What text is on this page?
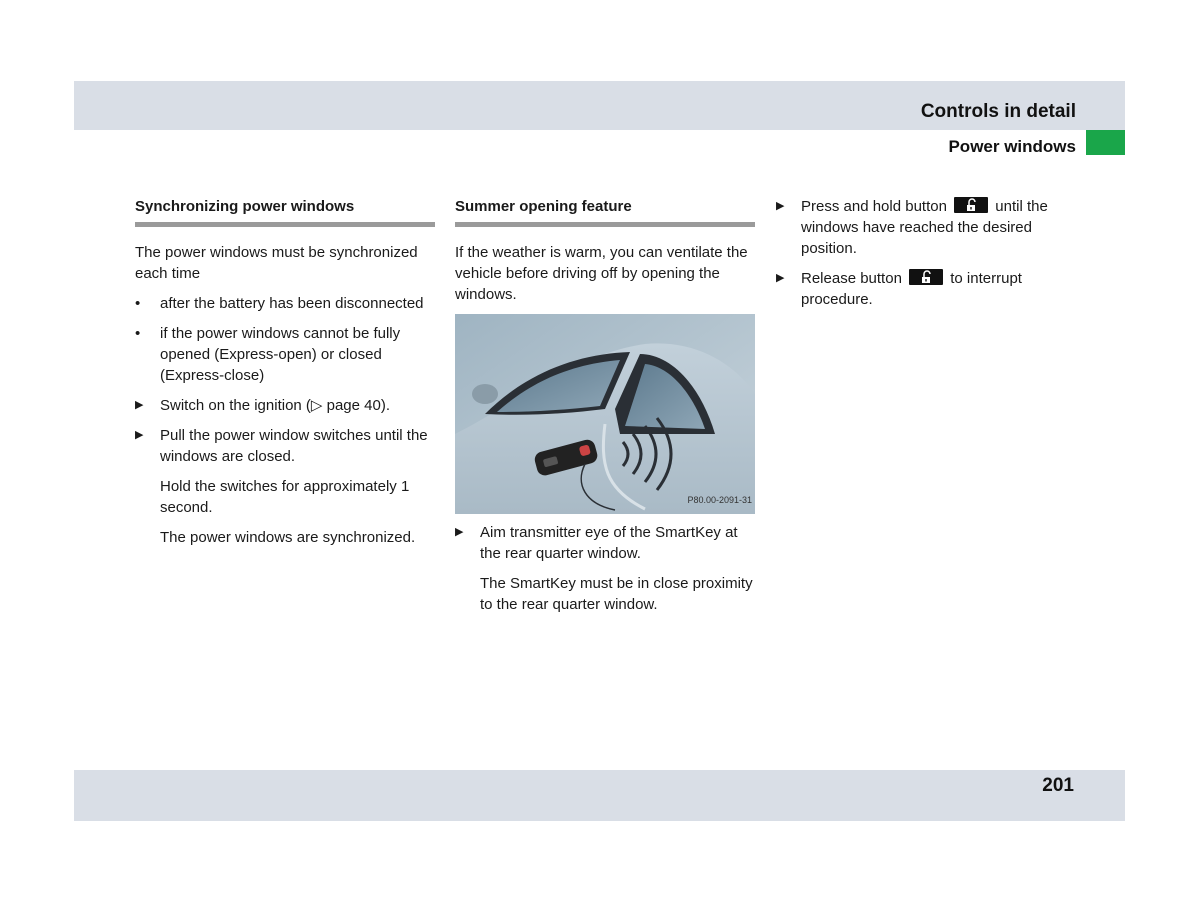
Controls in detail
Power windows
Synchronizing power windows

The power windows must be synchronized each time

• after the battery has been disconnected
• if the power windows cannot be fully opened (Express-open) or closed (Express-close)
▶ Switch on the ignition (▷ page 40).
▶ Pull the power window switches until the windows are closed.

Hold the switches for approximately 1 second.

The power windows are synchronized.

Summer opening feature

If the weather is warm, you can ventilate the vehicle before driving off by opening the windows.

P80.00-2091-31
▶ Aim transmitter eye of the SmartKey at the rear quarter window.

The SmartKey must be in close proximity to the rear quarter window.

▶ Press and hold button	until the windows have reached the desired position.
▶ Release button	to interrupt procedure.
201
